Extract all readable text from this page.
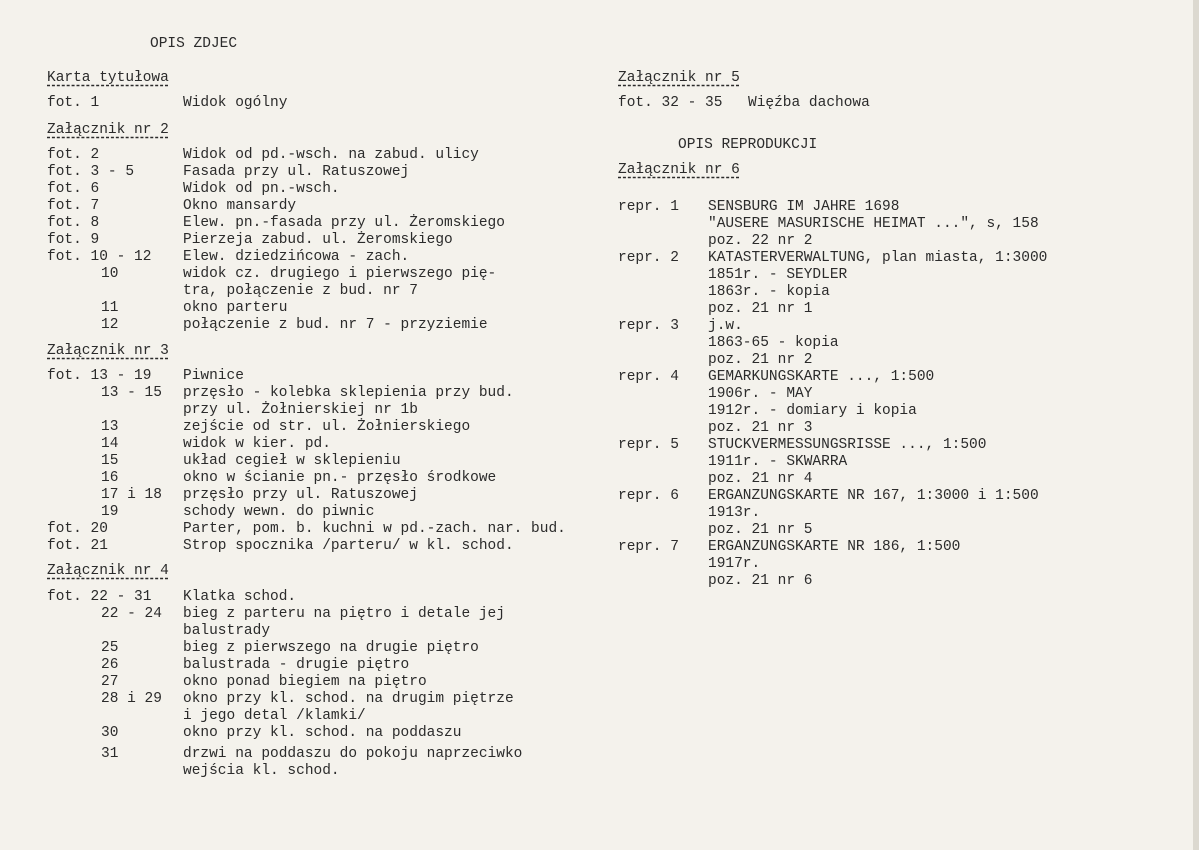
OPIS ZDJEC
Karta tytułowa
fot. 1	Widok ogólny
Załącznik nr 2
fot. 2	Widok od pd.-wsch. na zabud. ulicy
fot. 3 - 5	Fasada przy ul. Ratuszowej
fot. 6	Widok od pn.-wsch.
fot. 7	Okno mansardy
fot. 8	Elew. pn.-fasada przy ul. Żeromskiego
fot. 9	Pierzeja zabud. ul. Żeromskiego
fot. 10 - 12 Elew. dziedzińcowa - zach.
10	widok cz. drugiego i pierwszego pię-
tra, połączenie z bud. nr 7
11	okno parteru
12	połączenie z bud. nr 7 - przyziemie
Załącznik nr 3
fot. 13 - 19 Piwnice
13 - 15 przęsło - kolebka sklepienia przy bud.
przy ul. Żołnierskiej nr 1b
13	zejście od str. ul. Żołnierskiego
14	widok w kier. pd.
15	układ cegieł w sklepieniu
16	okno w ścianie pn.- przęsło środkowe
17 i 18 przęsło przy ul. Ratuszowej
19	schody wewn. do piwnic
fot. 20	Parter, pom. b. kuchni w pd.-zach. nar. bud.
fot. 21	Strop spocznika /parteru/ w kl. schod.
Załącznik nr 4
fot. 22 - 31 Klatka schod.
22 - 24 bieg z parteru na piętro i detale jej
balustrady
25	bieg z pierwszego na drugie piętro
26	balustrada - drugie piętro
27	okno ponad biegiem na piętro
28 i 29 okno przy kl. schod. na drugim piętrze
i jego detal /klamki/
30	okno przy kl. schod. na poddaszu
31	drzwi na poddaszu do pokoju naprzeciwko
wejścia kl. schod.
Załącznik nr 5
fot. 32 - 35 Więźba dachowa
OPIS REPRODUKCJI
Załącznik nr 6
repr. 1 SENSBURG IM JAHRE 1698
"AUSERE MASURISCHE HEIMAT ...", s, 158
poz. 22 nr 2
repr. 2 KATASTERVERWALTUNG, plan miasta, 1:3000
1851r. - SEYDLER
1863r. - kopia
poz. 21 nr 1
repr. 3 j.w.
1863-65 - kopia
poz. 21 nr 2
repr. 4 GEMARKUNGSKARTE ..., 1:500
1906r. - MAY
1912r. - domiary i kopia
poz. 21 nr 3
repr. 5 STUCKVERMESSUNGSRISSE ..., 1:500
1911r. - SKWARRA
poz. 21 nr 4
repr. 6 ERGANZUNGSKARTE NR 167, 1:3000 i 1:500
1913r.
poz. 21 nr 5
repr. 7 ERGANZUNGSKARTE NR 186, 1:500
1917r.
poz. 21 nr 6
